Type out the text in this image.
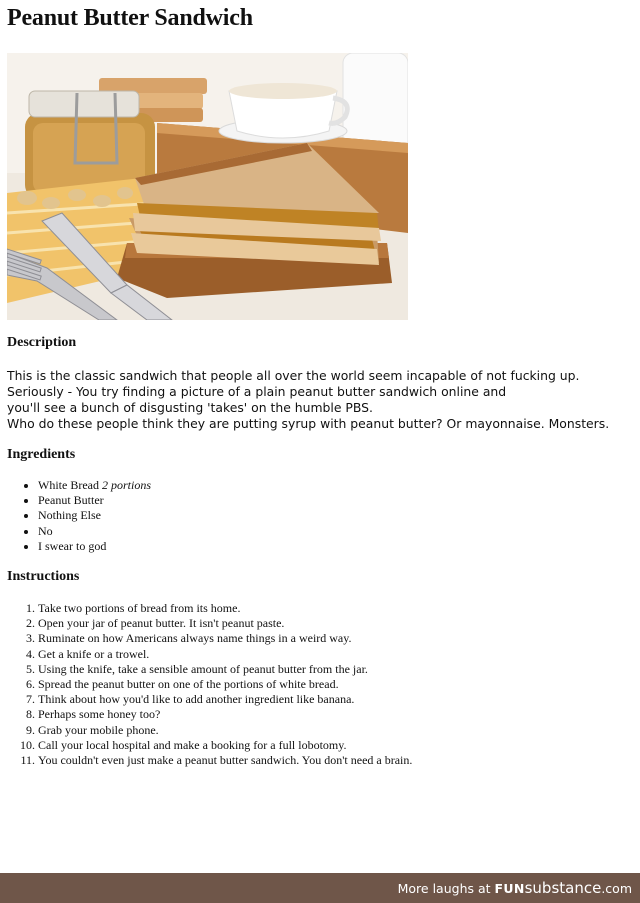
Peanut Butter Sandwich
Description

This is the classic sandwich that people all over the world seem incapable of not fucking up.
Seriously - You try finding a picture of a plain peanut butter sandwich online and
you'll see a bunch of disgusting 'takes' on the humble PBS.
Who do these people think they are putting syrup with peanut butter? Or mayonnaise. Monsters.

Ingredients
• White Bread 2 portions
• Peanut Butter
• Nothing Else
• No
• I swear to god
Instructions
1. Take two portions of bread from its home.
2. Open your jar of peanut butter. It isn't peanut paste.
3. Ruminate on how Americans always name things in a weird way.
4. Get a knife or a trowel.
5. Using the knife, take a sensible amount of peanut butter from the jar.
6. Spread the peanut butter on one of the portions of white bread.
7. Think about how you'd like to add another ingredient like banana.
8. Perhaps some honey too?
9. Grab your mobile phone.
10. Call your local hospital and make a booking for a full lobotomy.
11. You couldn't even just make a peanut butter sandwich. You don't need a brain.
More laughs at FUNsubstance.com
